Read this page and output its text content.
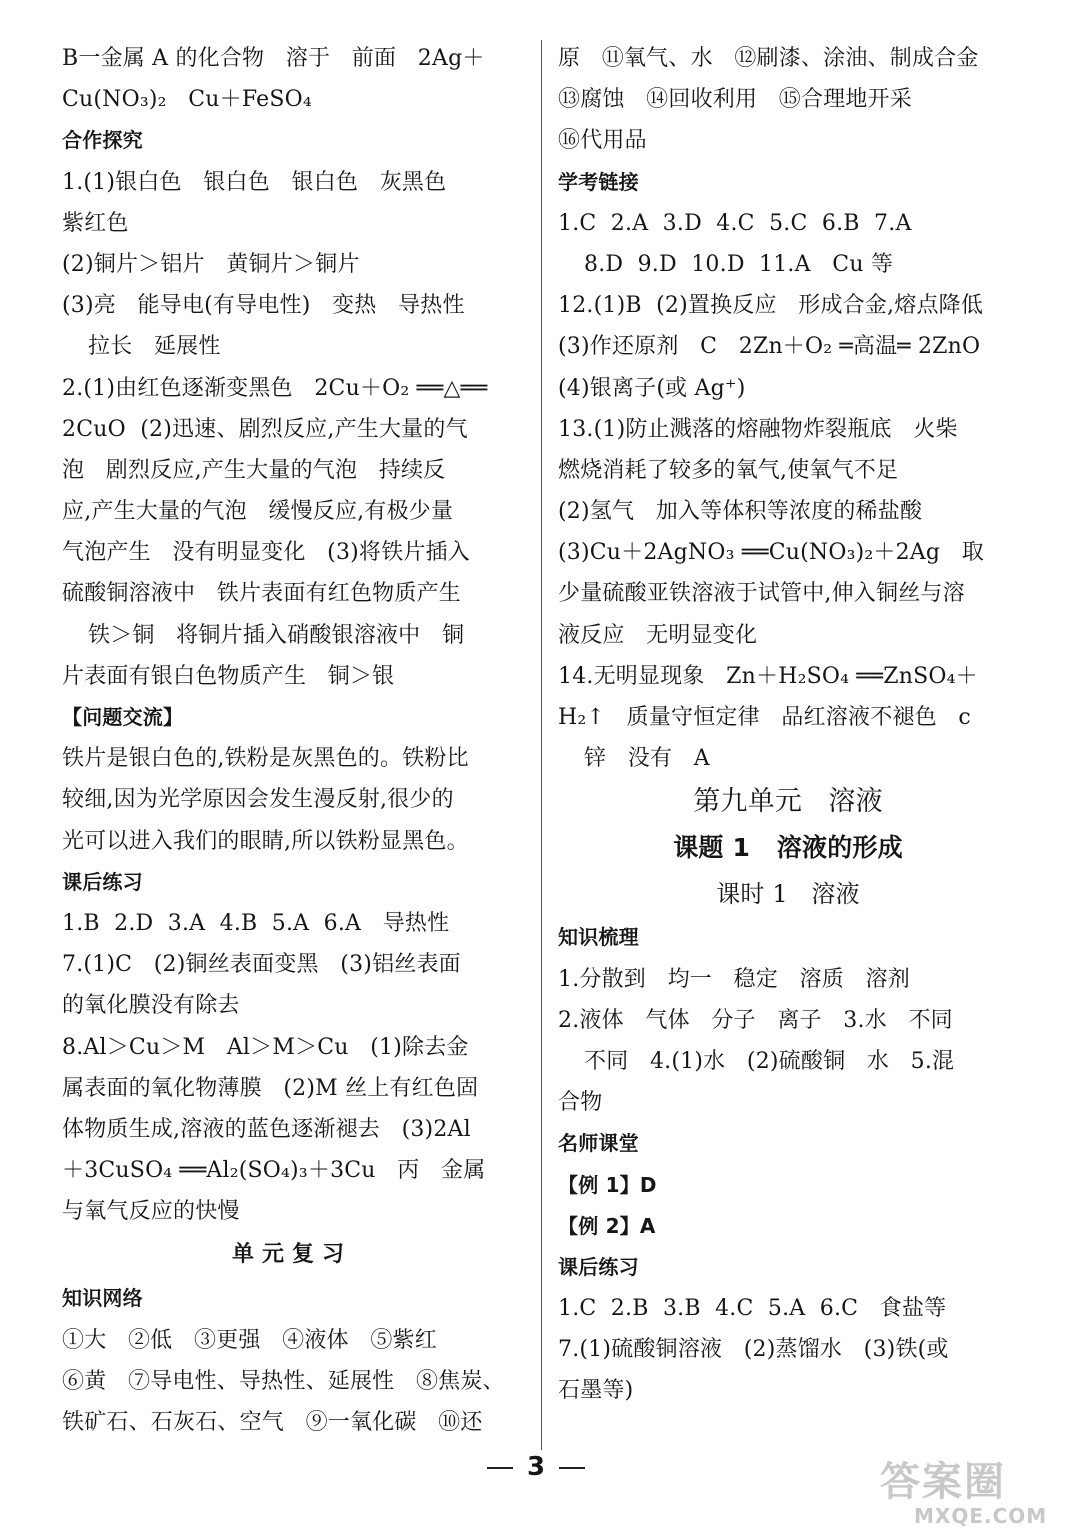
B一金属 A 的化合物   溶于   前面   2Ag＋
Cu(NO₃)₂   Cu＋FeSO₄
合作探究
1.(1)银白色   银白色   银白色   灰黑色
紫红色
(2)铜片＞铝片   黄铜片＞铜片
(3)亮   能导电(有导电性)   变热   导热性
拉长   延展性
2.(1)由红色逐渐变黑色   2Cu＋O₂ ══△══
2CuO  (2)迅速、剧烈反应,产生大量的气
泡   剧烈反应,产生大量的气泡   持续反
应,产生大量的气泡   缓慢反应,有极少量
气泡产生   没有明显变化   (3)将铁片插入
硫酸铜溶液中   铁片表面有红色物质产生
铁＞铜   将铜片插入硝酸银溶液中   铜
片表面有银白色物质产生   铜＞银
【问题交流】
铁片是银白色的,铁粉是灰黑色的。铁粉比
较细,因为光学原因会发生漫反射,很少的
光可以进入我们的眼睛,所以铁粉显黑色。
课后练习
1.B  2.D  3.A  4.B  5.A  6.A   导热性
7.(1)C   (2)铜丝表面变黑   (3)铝丝表面
的氧化膜没有除去
8.Al＞Cu＞M   Al＞M＞Cu   (1)除去金
属表面的氧化物薄膜   (2)M 丝上有红色固
体物质生成,溶液的蓝色逐渐褪去   (3)2Al
＋3CuSO₄ ══Al₂(SO₄)₃＋3Cu   丙   金属
与氧气反应的快慢
单元复习
知识网络
①大   ②低   ③更强   ④液体   ⑤紫红
⑥黄   ⑦导电性、导热性、延展性   ⑧焦炭、
铁矿石、石灰石、空气   ⑨一氧化碳   ⑩还
原   ⑪氧气、水   ⑫刷漆、涂油、制成合金
⑬腐蚀   ⑭回收利用   ⑮合理地开采
⑯代用品
学考链接
1.C  2.A  3.D  4.C  5.C  6.B  7.A
8.D  9.D  10.D  11.A   Cu 等
12.(1)B  (2)置换反应   形成合金,熔点降低
(3)作还原剂   C   2Zn＋O₂ ═高温═ 2ZnO
(4)银离子(或 Ag⁺)
13.(1)防止溅落的熔融物炸裂瓶底   火柴
燃烧消耗了较多的氧气,使氧气不足
(2)氢气   加入等体积等浓度的稀盐酸
(3)Cu＋2AgNO₃ ══Cu(NO₃)₂＋2Ag   取
少量硫酸亚铁溶液于试管中,伸入铜丝与溶
液反应   无明显变化
14.无明显现象   Zn＋H₂SO₄ ══ZnSO₄＋
H₂↑   质量守恒定律   品红溶液不褪色   c
锌   没有   A
第九单元   溶液
课题 1   溶液的形成
课时 1   溶液
知识梳理
1.分散到   均一   稳定   溶质   溶剂
2.液体   气体   分子   离子   3.水   不同
不同   4.(1)水   (2)硫酸铜   水   5.混
合物
名师课堂
【例 1】D
【例 2】A
课后练习
1.C  2.B  3.B  4.C  5.A  6.C   食盐等
7.(1)硫酸铜溶液   (2)蒸馏水   (3)铁(或
石墨等)
3	答案圈
MXQE.COM
